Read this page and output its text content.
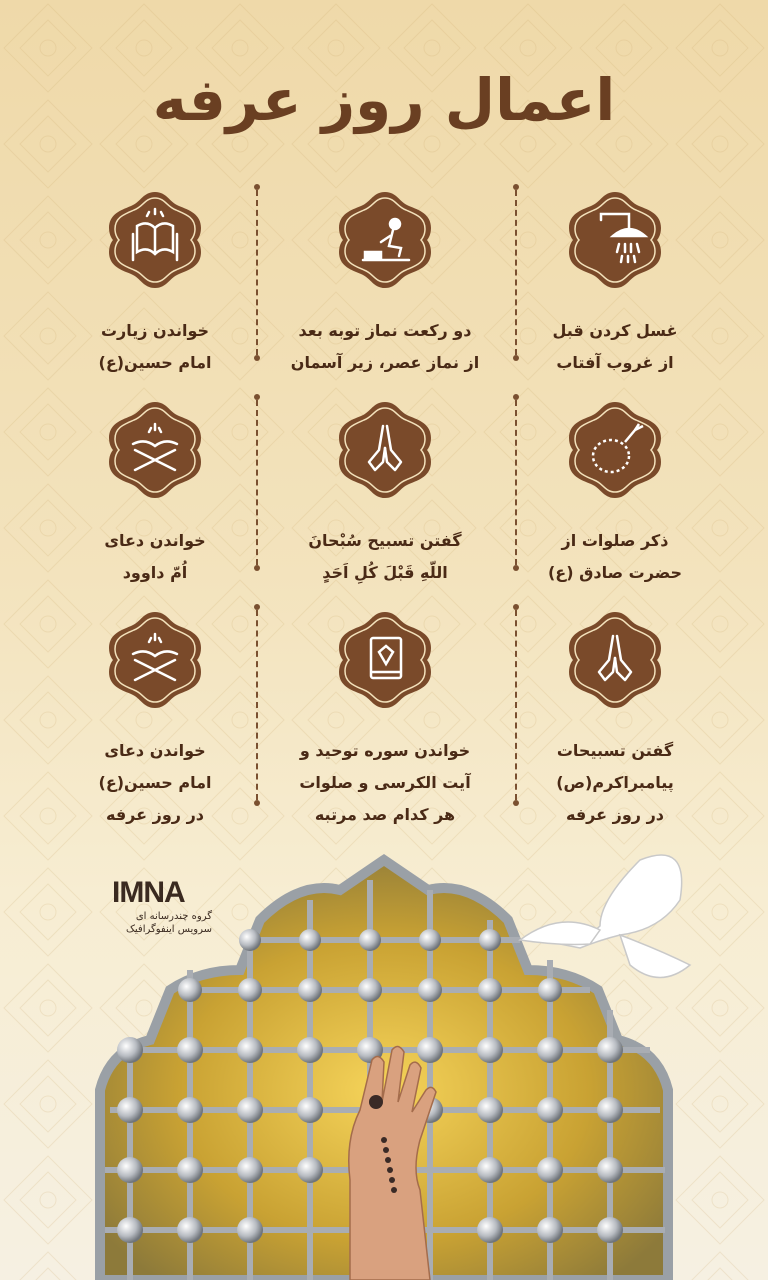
اعمال روز عرفه
غسل کردن قبل
از غروب آفتاب
دو رکعت نماز توبه بعد
از نماز عصر، زیر آسمان
خواندن زیارت
امام حسین(ع)
ذکر صلوات از
حضرت صادق (ع)
گفتن تسبیح سُبْحانَ
اللّهِ قَبْلَ کُلِ اَحَدٍ
خواندن دعای
اُمّ داوود
گفتن تسبیحات
پیامبراکرم(ص)
در روز عرفه
خواندن سوره توحید و
آیت الکرسی و صلوات
هر کدام صد مرتبه
خواندن دعای
امام حسین(ع)
در روز عرفه
IMNA
گروه چندرسانه ای
سرویس اینفوگرافیک
